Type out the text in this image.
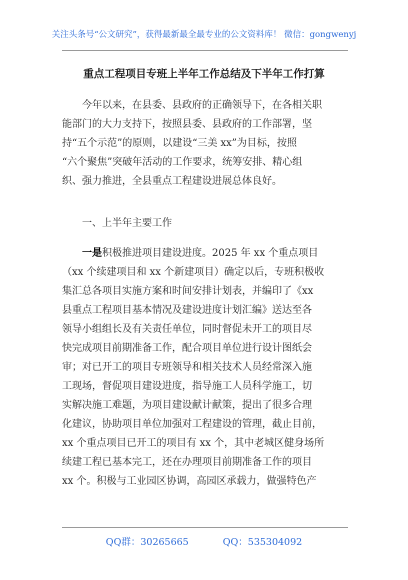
关注头条号“公文研究”，获得最新最全最专业的公文资料库！ 微信：gongwenyj
重点工程项目专班上半年工作总结及下半年工作打算
今年以来，在县委、县政府的正确领导下，在各相关职
能部门的大力支持下，按照县委、县政府的工作部署，坚
持“五个示范”的原则，以建设“三美 xx”为目标，按照
“六个聚焦”突破年活动的工作要求，统筹安排、精心组
织、强力推进，全县重点工程建设进展总体良好。
一、上半年主要工作
一是积极推进项目建设进度。2025 年 xx 个重点项目
（xx 个续建项目和 xx 个新建项目）确定以后，专班积极收
集汇总各项目实施方案和时间安排计划表，并编印了《xx
县重点工程项目基本情况及建设进度计划汇编》送达至各
领导小组组长及有关责任单位，同时督促未开工的项目尽
快完成项目前期准备工作，配合项目单位进行设计图纸会
审；对已开工的项目专班领导和相关技术人员经常深入施
工现场，督促项目建设进度，指导施工人员科学施工，切
实解决施工难题，为项目建设献计献策，提出了很多合理
化建议，协助项目单位加强对工程建设的管理，截止目前，
xx 个重点项目已开工的项目有 xx 个，其中老城区健身场所
续建工程已基本完工，还在办理项目前期准备工作的项目
xx 个。积极与工业园区协调，高园区承载力，做强特色产
QQ群：30265665	QQ：535304092
